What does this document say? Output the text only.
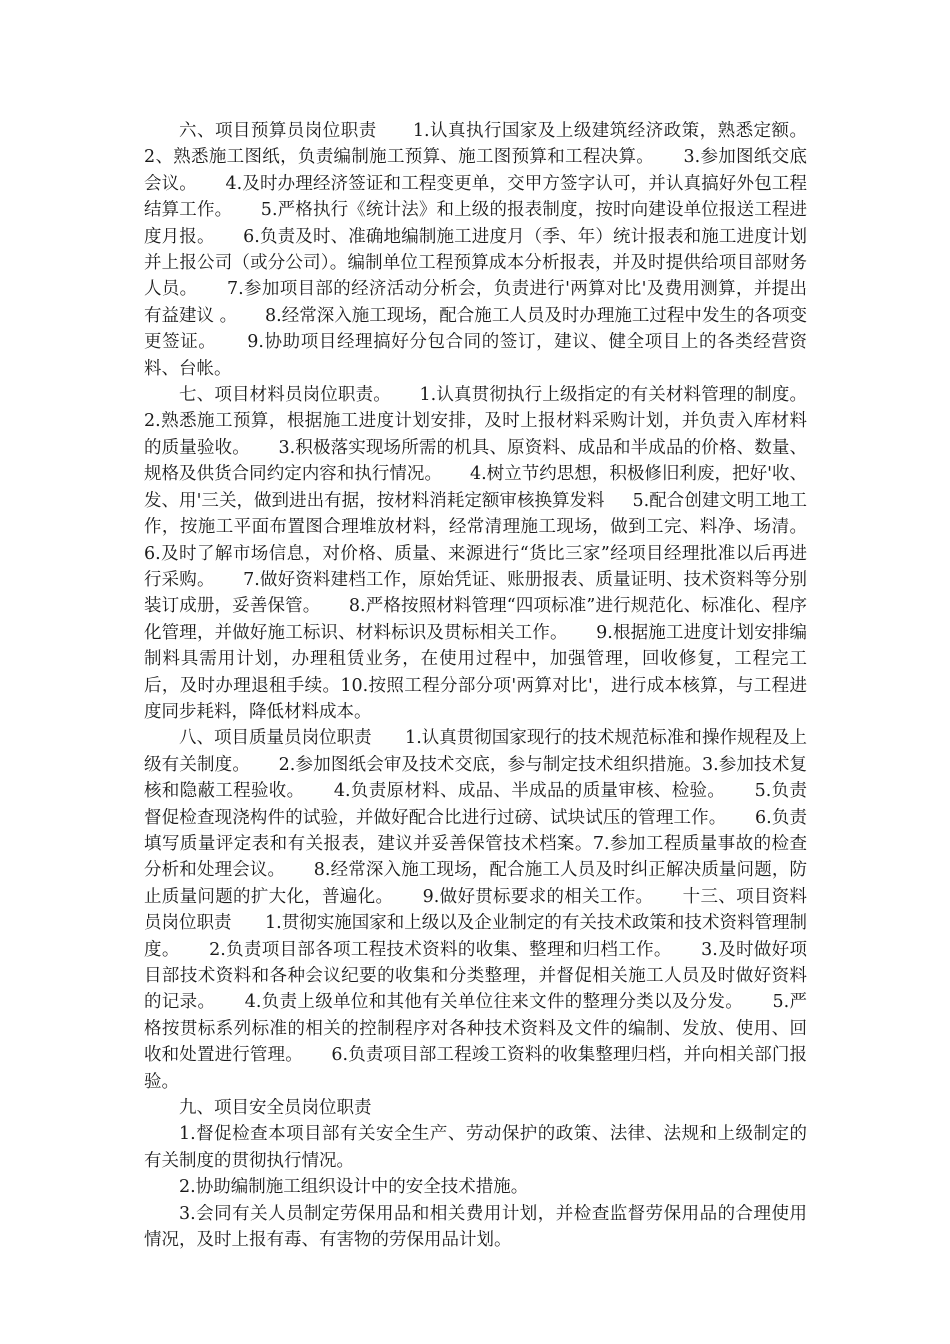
六、项目预算员岗位职责      1.认真执行国家及上级建筑经济政策，熟悉定额。    2、熟悉施工图纸，负责编制施工预算、施工图预算和工程决算。     3.参加图纸交底会议。     4.及时办理经济签证和工程变更单，交甲方签字认可，并认真搞好外包工程结算工作。     5.严格执行《统计法》和上级的报表制度，按时向建设单位报送工程进度月报。     6.负责及时、准确地编制施工进度月（季、年）统计报表和施工进度计划并上报公司（或分公司）。编制单位工程预算成本分析报表，并及时提供给项目部财务人员。     7.参加项目部的经济活动分析会，负责进行'两算对比'及费用测算，并提出有益建议 。     8.经常深入施工现场，配合施工人员及时办理施工过程中发生的各项变更签证。     9.协助项目经理搞好分包合同的签订，建议、健全项目上的各类经营资料、台帐。

七、项目材料员岗位职责。     1.认真贯彻执行上级指定的有关材料管理的制度。     2.熟悉施工预算，根据施工进度计划安排，及时上报材料采购计划，并负责入库材料的质量验收。     3.积极落实现场所需的机具、原资料、成品和半成品的价格、数量、规格及供货合同约定内容和执行情况。     4.树立节约思想，积极修旧利废，把好'收、发、用'三关，做到进出有据，按材料消耗定额审核换算发料     5.配合创建文明工地工作，按施工平面布置图合理堆放材料，经常清理施工现场，做到工完、料净、场清。     6.及时了解市场信息，对价格、质量、来源进行“货比三家”经项目经理批准以后再进行采购。     7.做好资料建档工作，原始凭证、账册报表、质量证明、技术资料等分别装订成册，妥善保管。     8.严格按照材料管理“四项标准”进行规范化、标准化、程序化管理，并做好施工标识、材料标识及贯标相关工作。     9.根据施工进度计划安排编制料具需用计划，办理租赁业务，在使用过程中，加强管理，回收修复，工程完工后，及时办理退租手续。10.按照工程分部分项'两算对比'，进行成本核算，与工程进度同步耗料，降低材料成本。

八、项目质量员岗位职责      1.认真贯彻国家现行的技术规范标准和操作规程及上级有关制度。     2.参加图纸会审及技术交底，参与制定技术组织措施。3.参加技术复核和隐蔽工程验收。     4.负责原材料、成品、半成品的质量审核、检验。     5.负责督促检查现浇构件的试验，并做好配合比进行过磅、试块试压的管理工作。     6.负责填写质量评定表和有关报表，建议并妥善保管技术档案。7.参加工程质量事故的检查分析和处理会议。     8.经常深入施工现场，配合施工人员及时纠正解决质量问题，防止质量问题的扩大化，普遍化。     9.做好贯标要求的相关工作。     十三、项目资料员岗位职责      1.贯彻实施国家和上级以及企业制定的有关技术政策和技术资料管理制度。     2.负责项目部各项工程技术资料的收集、整理和归档工作。     3.及时做好项目部技术资料和各种会议纪要的收集和分类整理，并督促相关施工人员及时做好资料的记录。     4.负责上级单位和其他有关单位往来文件的整理分类以及分发。     5.严格按贯标系列标准的相关的控制程序对各种技术资料及文件的编制、发放、使用、回收和处置进行管理。     6.负责项目部工程竣工资料的收集整理归档，并向相关部门报验。

九、项目安全员岗位职责

1.督促检查本项目部有关安全生产、劳动保护的政策、法律、法规和上级制定的有关制度的贯彻执行情况。

2.协助编制施工组织设计中的安全技术措施。

3.会同有关人员制定劳保用品和相关费用计划，并检查监督劳保用品的合理使用情况，及时上报有毒、有害物的劳保用品计划。
